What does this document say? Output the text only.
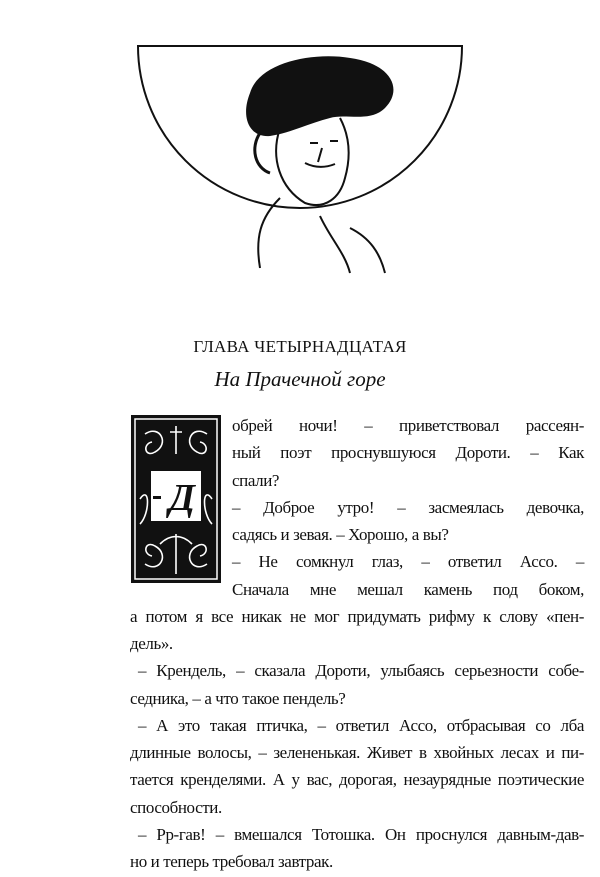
ГЛАВА ЧЕТЫРНАДЦАТАЯ
На Прачечной горе
Д
обрей ночи! – приветствовал рассеян-
ный поэт проснувшуюся Дороти. – Как
спали?
– Доброе утро! – засмеялась девочка,
садясь и зевая. – Хорошо, а вы?
– Не сомкнул глаз, – ответил Ассо. –
Сначала мне мешал камень под боком,
а потом я все никак не мог придумать рифму к слову «пен-
дель».
– Крендель, – сказала Дороти, улыбаясь серьезности собе-
седника, – а что такое пендель?
– А это такая птичка, – ответил Ассо, отбрасывая со лба
длинные волосы, – зелененькая. Живет в хвойных лесах и пи-
тается кренделями. А у вас, дорогая, незаурядные поэтические
способности.
– Рр-гав! – вмешался Тотошка. Он проснулся давным-дав-
но и теперь требовал завтрак.
